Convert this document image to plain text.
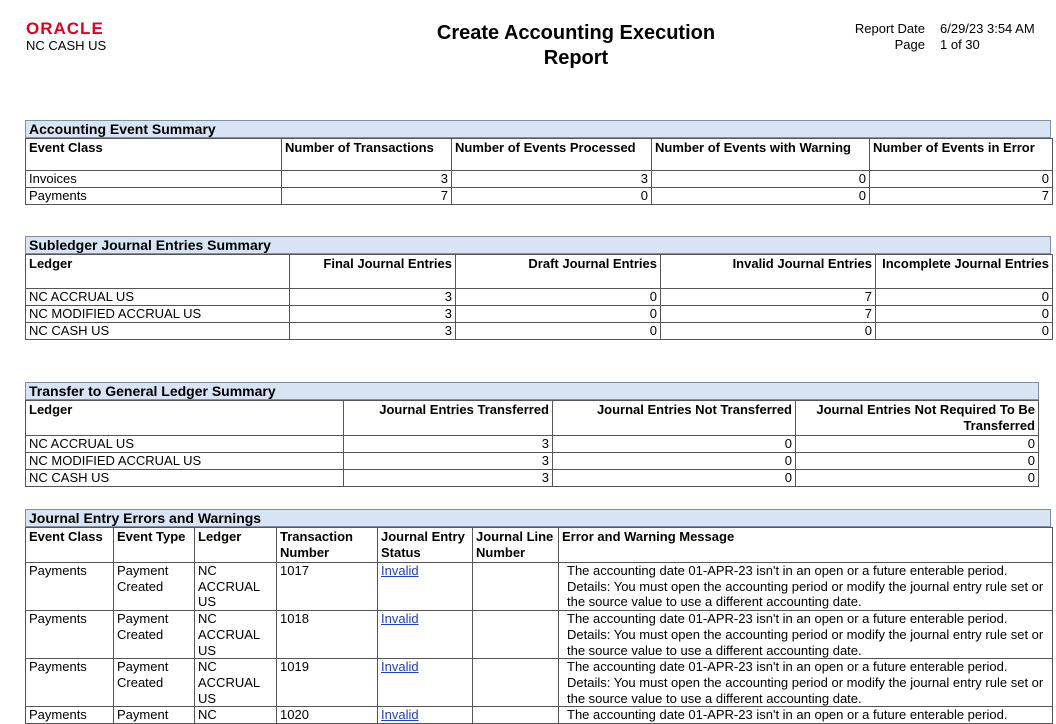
ORACLE
NC CASH US
Create Accounting Execution
Report
Report Date	6/29/23 3:54 AM
Page	1 of 30
Accounting Event Summary
Event Class	Number of Transactions	Number of Events Processed	Number of Events with Warning	Number of Events in Error
Invoices	3	3	0	0
Payments	7	0	0	7
Subledger Journal Entries Summary
Ledger	Final Journal Entries	Draft Journal Entries	Invalid Journal Entries	Incomplete Journal Entries
NC ACCRUAL US	3	0	7	0
NC MODIFIED ACCRUAL US	3	0	7	0
NC CASH US	3	0	0	0
Transfer to General Ledger Summary
Ledger	Journal Entries Transferred	Journal Entries Not Transferred	Journal Entries Not Required To Be Transferred
NC ACCRUAL US	3	0	0
NC MODIFIED ACCRUAL US	3	0	0
NC CASH US	3	0	0
Journal Entry Errors and Warnings
Event Class	Event Type	Ledger	Transaction Number	Journal Entry Status	Journal Line Number	Error and Warning Message
Payments	Payment Created	NC ACCRUAL US	1017	Invalid		The accounting date 01-APR-23 isn't in an open or a future enterable period. Details: You must open the accounting period or modify the journal entry rule set or the source value to use a different accounting date.
Payments	Payment Created	NC ACCRUAL US	1018	Invalid		The accounting date 01-APR-23 isn't in an open or a future enterable period. Details: You must open the accounting period or modify the journal entry rule set or the source value to use a different accounting date.
Payments	Payment Created	NC ACCRUAL US	1019	Invalid		The accounting date 01-APR-23 isn't in an open or a future enterable period. Details: You must open the accounting period or modify the journal entry rule set or the source value to use a different accounting date.
Payments	Payment	NC	1020	Invalid		The accounting date 01-APR-23 isn't in an open or a future enterable period.
